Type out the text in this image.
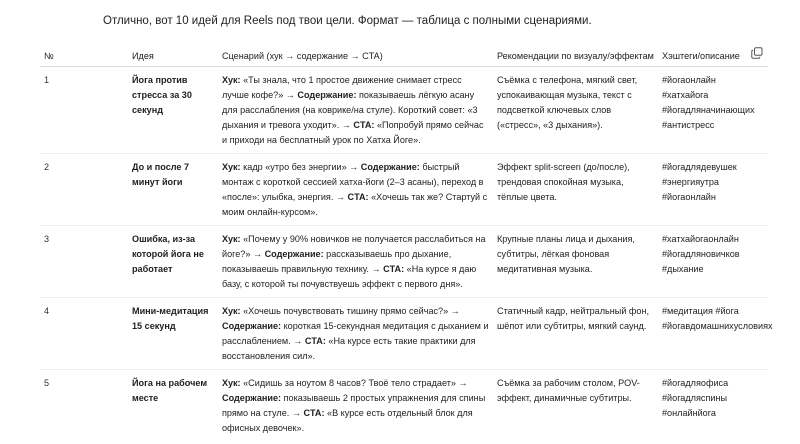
Отлично, вот 10 идей для Reels под твои цели. Формат — таблица с полными сценариями.
№	Идея	Сценарий (хук → содержание → CTA)	Рекомендации по визуалу/эффектам	Хэштеги/описание
1	Йога против стресса за 30 секунд	Хук: «Ты знала, что 1 простое движение снимает стресс лучше кофе?» → Содержание: показываешь лёгкую асану для расслабления (на коврике/на стуле). Короткий совет: «3 дыхания и тревога уходит». → CTA: «Попробуй прямо сейчас и приходи на бесплатный урок по Хатха Йоге».	Съёмка с телефона, мягкий свет, успокаивающая музыка, текст с подсветкой ключевых слов («стресс», «3 дыхания»).	#йогаонлайн #хатхайога #йогадляначинающих #антистресс
2	До и после 7 минут йоги	Хук: кадр «утро без энергии» → Содержание: быстрый монтаж с короткой сессией хатха-йоги (2–3 асаны), переход в «после»: улыбка, энергия. → CTA: «Хочешь так же? Стартуй с моим онлайн-курсом».	Эффект split-screen (до/после), трендовая спокойная музыка, тёплые цвета.	#йогадлядевушек #энергияутра #йогаонлайн
3	Ошибка, из-за которой йога не работает	Хук: «Почему у 90% новичков не получается расслабиться на йоге?» → Содержание: рассказываешь про дыхание, показываешь правильную технику. → CTA: «На курсе я даю базу, с которой ты почувствуешь эффект с первого дня».	Крупные планы лица и дыхания, субтитры, лёгкая фоновая медитативная музыка.	#хатхайогаонлайн #йогадляновичков #дыхание
4	Мини-медитация 15 секунд	Хук: «Хочешь почувствовать тишину прямо сейчас?» → Содержание: короткая 15-секундная медитация с дыханием и расслаблением. → CTA: «На курсе есть такие практики для восстановления сил».	Статичный кадр, нейтральный фон, шёпот или субтитры, мягкий саунд.	#медитация #йога #йогавдомашнихусловиях
5	Йога на рабочем месте	Хук: «Сидишь за ноутом 8 часов? Твоё тело страдает» → Содержание: показываешь 2 простых упражнения для спины прямо на стуле. → CTA: «В курсе есть отдельный блок для офисных девочек».	Съёмка за рабочим столом, POV-эффект, динамичные субтитры.	#йогадляофиса #йогадляспины #онлайнйога
